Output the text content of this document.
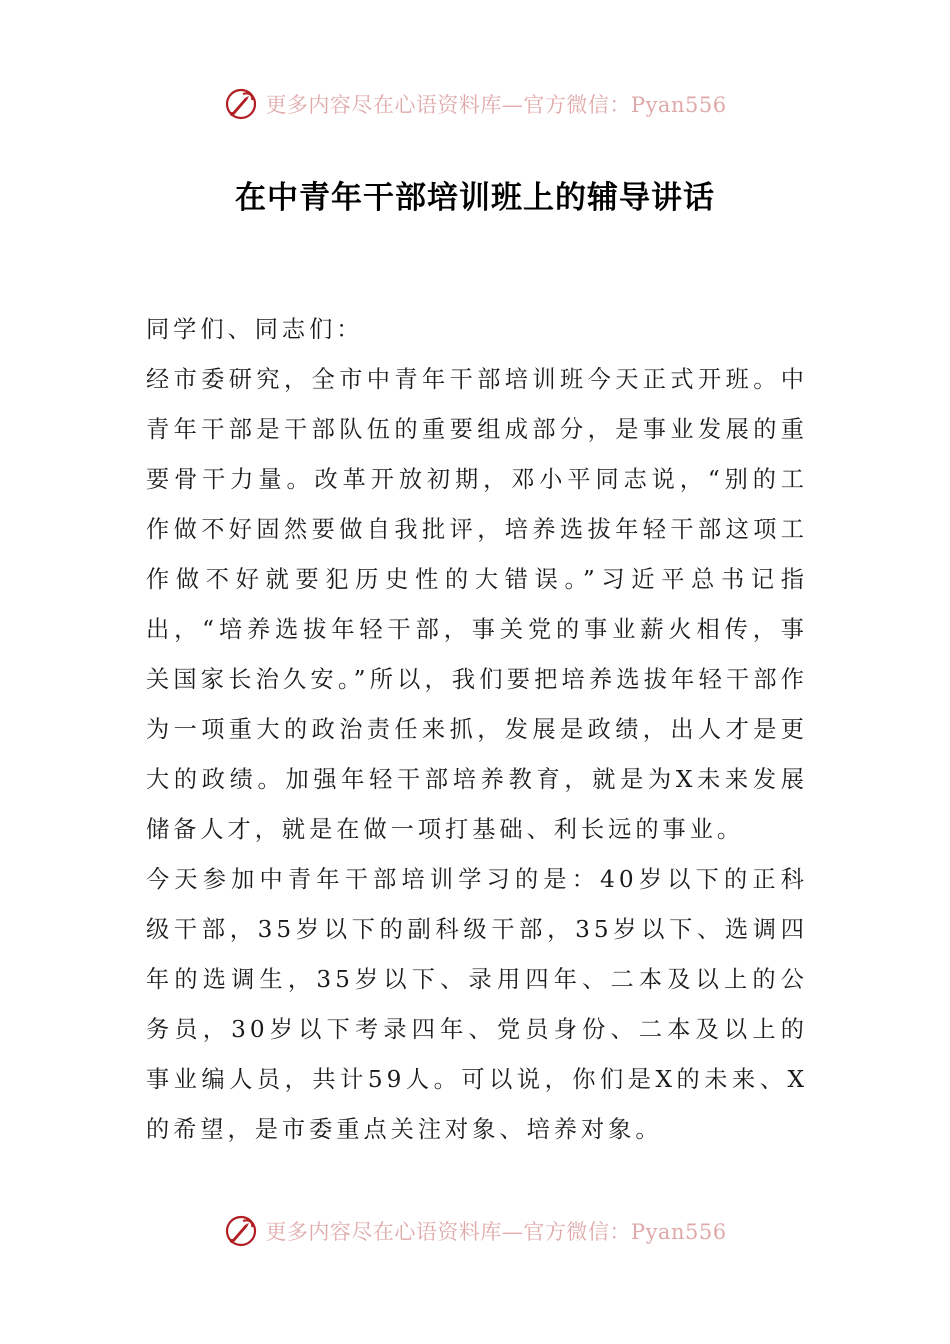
更多内容尽在心语资料库—官方微信：Pyan556
在中青年干部培训班上的辅导讲话

同学们、同志们：

经市委研究，全市中青年干部培训班今天正式开班。中青年干部是干部队伍的重要组成部分，是事业发展的重要骨干力量。改革开放初期，邓小平同志说，“别的工作做不好固然要做自我批评，培养选拔年轻干部这项工作做不好就要犯历史性的大错误。”习近平总书记指出，“培养选拔年轻干部，事关党的事业薪火相传，事关国家长治久安。”所以，我们要把培养选拔年轻干部作为一项重大的政治责任来抓，发展是政绩，出人才是更大的政绩。加强年轻干部培养教育，就是为X未来发展储备人才，就是在做一项打基础、利长远的事业。

今天参加中青年干部培训学习的是：40岁以下的正科级干部，35岁以下的副科级干部，35岁以下、选调四年的选调生，35岁以下、录用四年、二本及以上的公务员，30岁以下考录四年、党员身份、二本及以上的事业编人员，共计59人。可以说，你们是X的未来、X的希望，是市委重点关注对象、培养对象。

更多内容尽在心语资料库—官方微信：Pyan556
